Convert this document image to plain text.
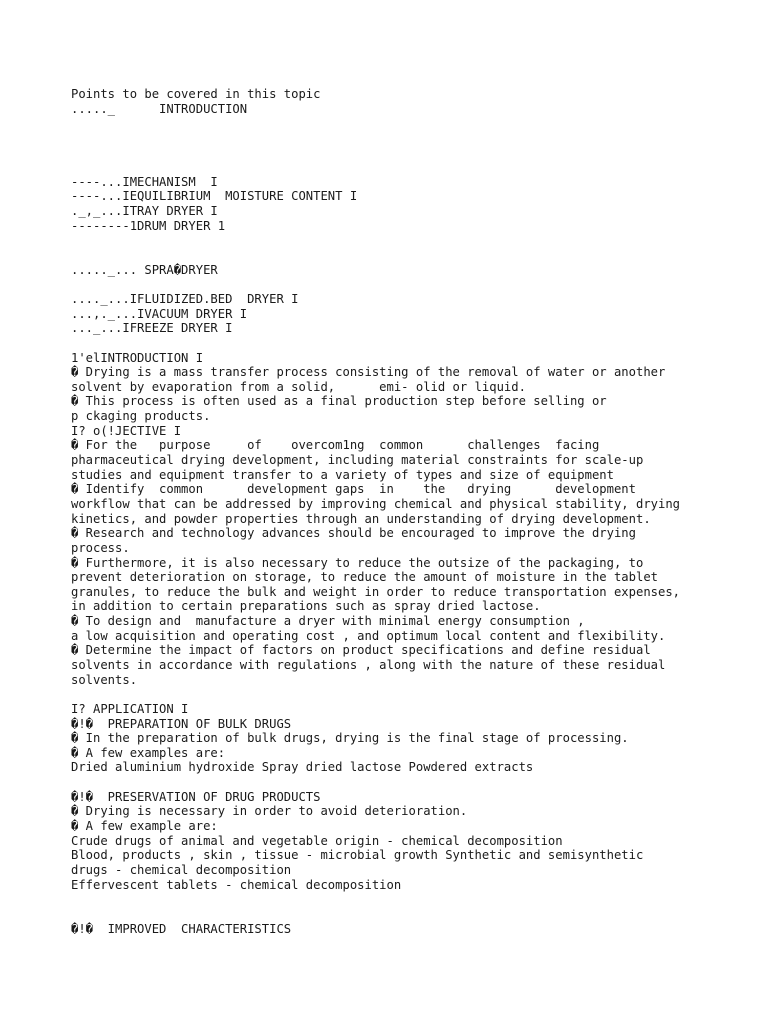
Points to be covered in this topic
....._      INTRODUCTION
----...IMECHANISM  I
----...IEQUILIBRIUM  MOISTURE CONTENT I
._,_...ITRAY DRYER I
--------1DRUM DRYER 1
....._... SPRA�DRYER
...._...IFLUIDIZED.BED  DRYER I
...,._...IVACUUM DRYER I
..._...IFREEZE DRYER I
1'elINTRODUCTION I
� Drying is a mass transfer process consisting of the removal of water or another
solvent by evaporation from a solid,      emi- olid or liquid.
� This process is often used as a final production step before selling or
p ckaging products.
I? o(!JECTIVE I
� For the   purpose     of    overcom1ng  common      challenges  facing
pharmaceutical drying development, including material constraints for scale-up
studies and equipment transfer to a variety of types and size of equipment
� Identify  common      development gaps  in    the   drying      development
workflow that can be addressed by improving chemical and physical stability, drying
kinetics, and powder properties through an understanding of drying development.
� Research and technology advances should be encouraged to improve the drying
process.
� Furthermore, it is also necessary to reduce the outsize of the packaging, to
prevent deterioration on storage, to reduce the amount of moisture in the tablet
granules, to reduce the bulk and weight in order to reduce transportation expenses,
in addition to certain preparations such as spray dried lactose.
� To design and  manufacture a dryer with minimal energy consumption ,
a low acquisition and operating cost , and optimum local content and flexibility.
� Determine the impact of factors on product specifications and define residual
solvents in accordance with regulations , along with the nature of these residual
solvents.
I? APPLICATION I
�!�  PREPARATION OF BULK DRUGS
� In the preparation of bulk drugs, drying is the final stage of processing.
� A few examples are:
Dried aluminium hydroxide Spray dried lactose Powdered extracts
�!�  PRESERVATION OF DRUG PRODUCTS
� Drying is necessary in order to avoid deterioration.
� A few example are:
Crude drugs of animal and vegetable origin - chemical decomposition
Blood, products , skin , tissue - microbial growth Synthetic and semisynthetic
drugs - chemical decomposition
Effervescent tablets - chemical decomposition
�!�  IMPROVED  CHARACTERISTICS
